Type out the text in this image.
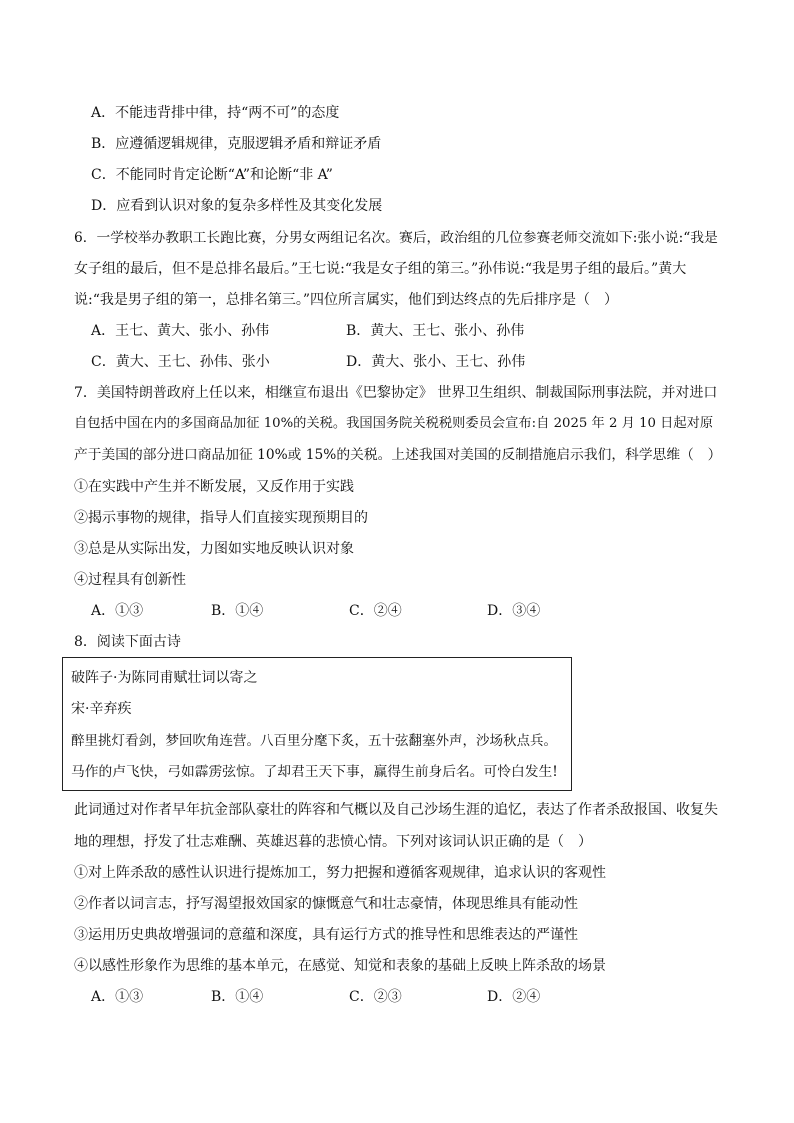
A．不能违背排中律，持“两不可”的态度
B．应遵循逻辑规律，克服逻辑矛盾和辩证矛盾
C．不能同时肯定论断“A”和论断“非 A”
D．应看到认识对象的复杂多样性及其变化发展
6．一学校举办教职工长跑比赛，分男女两组记名次。赛后，政治组的几位参赛老师交流如下:张小说:“我是
女子组的最后，但不是总排名最后。”王七说:“我是女子组的第三。”孙伟说:“我是男子组的最后。”黄大
说:“我是男子组的第一，总排名第三。”四位所言属实，他们到达终点的先后排序是（　）
A．王七、黄大、张小、孙伟	B．黄大、王七、张小、孙伟
C．黄大、王七、孙伟、张小	D．黄大、张小、王七、孙伟
7．美国特朗普政府上任以来，相继宣布退出《巴黎协定》 世界卫生组织、制裁国际刑事法院，并对进口
自包括中国在内的多国商品加征 10%的关税。我国国务院关税税则委员会宣布:自 2025 年 2 月 10 日起对原
产于美国的部分进口商品加征 10%或 15%的关税。上述我国对美国的反制措施启示我们，科学思维（　）
①在实践中产生并不断发展，又反作用于实践
②揭示事物的规律，指导人们直接实现预期目的
③总是从实际出发，力图如实地反映认识对象
④过程具有创新性
A．①③	B．①④	C．②④	D．③④
8．阅读下面古诗
破阵子·为陈同甫赋壮词以寄之
宋·辛弃疾
醉里挑灯看剑，梦回吹角连营。八百里分麾下炙，五十弦翻塞外声，沙场秋点兵。
马作的卢飞快，弓如霹雳弦惊。了却君王天下事，赢得生前身后名。可怜白发生!
此词通过对作者早年抗金部队豪壮的阵容和气概以及自己沙场生涯的追忆，表达了作者杀敌报国、收复失
地的理想，抒发了壮志难酬、英雄迟暮的悲愤心情。下列对该词认识正确的是（　）
①对上阵杀敌的感性认识进行提炼加工，努力把握和遵循客观规律，追求认识的客观性
②作者以词言志，抒写渴望报效国家的慷慨意气和壮志豪情，体现思维具有能动性
③运用历史典故增强词的意蕴和深度，具有运行方式的推导性和思维表达的严谨性
④以感性形象作为思维的基本单元，在感觉、知觉和表象的基础上反映上阵杀敌的场景
A．①③	B．①④	C．②③	D．②④
